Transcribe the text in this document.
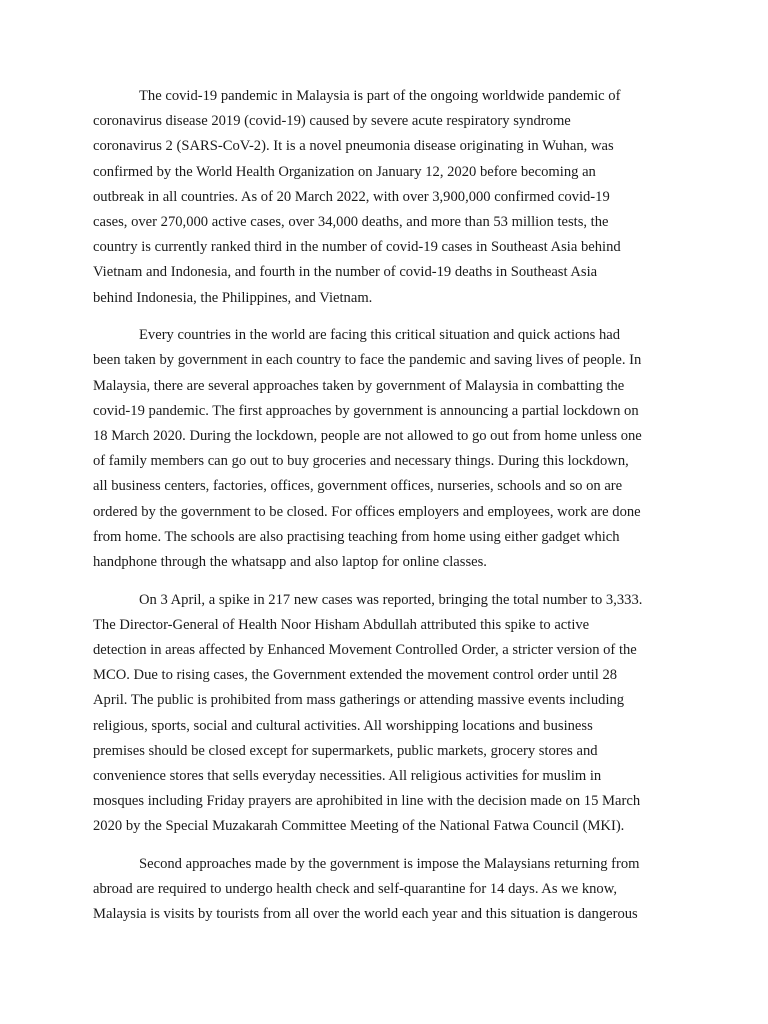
The covid-19 pandemic in Malaysia is part of the ongoing worldwide pandemic of
coronavirus disease 2019 (covid-19) caused by severe acute respiratory syndrome
coronavirus 2 (SARS-CoV-2). It is a novel pneumonia disease originating in Wuhan, was
confirmed by the World Health Organization on January 12, 2020 before becoming an
outbreak in all countries. As of 20 March 2022, with over 3,900,000 confirmed covid-19
cases, over 270,000 active cases, over 34,000 deaths, and more than 53 million tests, the
country is currently ranked third in the number of covid-19 cases in Southeast Asia behind
Vietnam and Indonesia, and fourth in the number of covid-19 deaths in Southeast Asia
behind Indonesia, the Philippines, and Vietnam.

Every countries in the world are facing this critical situation and quick actions had
been taken by government in each country to face the pandemic and saving lives of people. In
Malaysia, there are several approaches taken by government of Malaysia in combatting the
covid-19 pandemic. The first approaches by government is announcing a partial lockdown on
18 March 2020. During the lockdown, people are not allowed to go out from home unless one
of family members can go out to buy groceries and necessary things. During this lockdown,
all business centers, factories, offices, government offices, nurseries, schools and so on are
ordered by the government to be closed. For offices employers and employees, work are done
from home. The schools are also practising teaching from home using either gadget which
handphone through the whatsapp and also laptop for online classes.

On 3 April, a spike in 217 new cases was reported, bringing the total number to 3,333.
The Director-General of Health Noor Hisham Abdullah attributed this spike to active
detection in areas affected by Enhanced Movement Controlled Order, a stricter version of the
MCO. Due to rising cases, the Government extended the movement control order until 28
April. The public is prohibited from mass gatherings or attending massive events including
religious, sports, social and cultural activities. All worshipping locations and business
premises should be closed except for supermarkets, public markets, grocery stores and
convenience stores that sells everyday necessities. All religious activities for muslim in
mosques including Friday prayers are aprohibited in line with the decision made on 15 March
2020 by the Special Muzakarah Committee Meeting of the National Fatwa Council (MKI).

Second approaches made by the government is impose the Malaysians returning from
abroad are required to undergo health check and self-quarantine for 14 days. As we know,
Malaysia is visits by tourists from all over the world each year and this situation is dangerous
